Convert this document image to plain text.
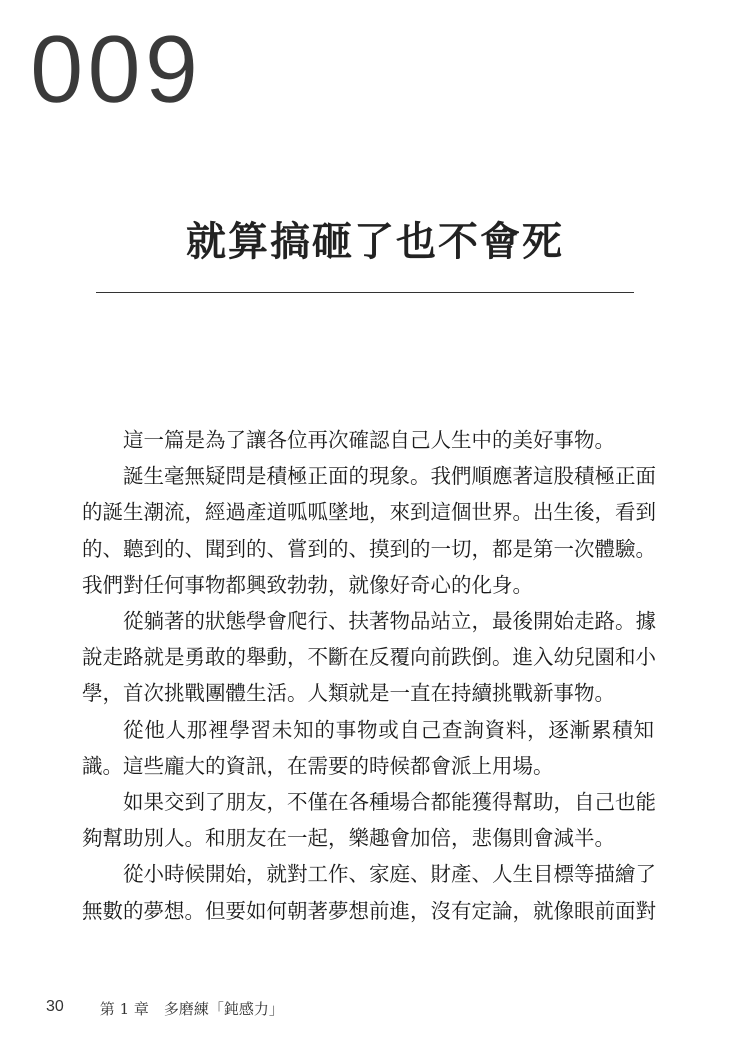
009
就算搞砸了也不會死
這一篇是為了讓各位再次確認自己人生中的美好事物。
誕生毫無疑問是積極正面的現象。我們順應著這股積極正面
的誕生潮流，經過產道呱呱墜地，來到這個世界。出生後，看到
的、聽到的、聞到的、嘗到的、摸到的一切，都是第一次體驗。
我們對任何事物都興致勃勃，就像好奇心的化身。
從躺著的狀態學會爬行、扶著物品站立，最後開始走路。據
說走路就是勇敢的舉動，不斷在反覆向前跌倒。進入幼兒園和小
學，首次挑戰團體生活。人類就是一直在持續挑戰新事物。
從他人那裡學習未知的事物或自己查詢資料，逐漸累積知
識。這些龐大的資訊，在需要的時候都會派上用場。
如果交到了朋友，不僅在各種場合都能獲得幫助，自己也能
夠幫助別人。和朋友在一起，樂趣會加倍，悲傷則會減半。
從小時候開始，就對工作、家庭、財產、人生目標等描繪了
無數的夢想。但要如何朝著夢想前進，沒有定論，就像眼前面對
30 第 1 章　多磨練「鈍感力」
